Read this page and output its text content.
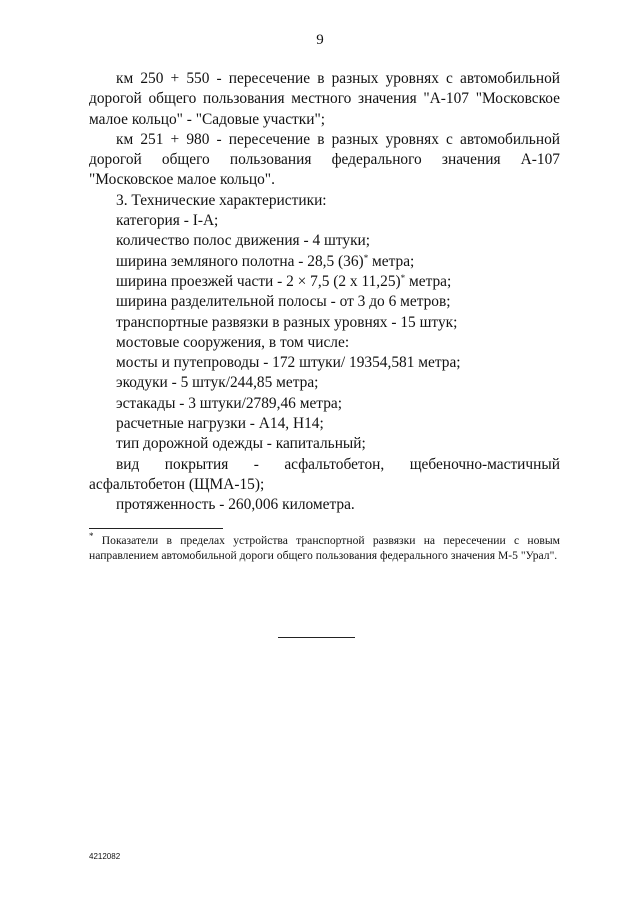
9

км 250 + 550 - пересечение в разных уровнях с автомобильной дорогой общего пользования местного значения "А-107 "Московское малое кольцо" - "Садовые участки";

км 251 + 980 - пересечение в разных уровнях с автомобильной дорогой общего пользования федерального значения А-107 "Московское малое кольцо".

3. Технические характеристики:

категория - I-А;

количество полос движения - 4 штуки;

ширина земляного полотна - 28,5 (36)* метра;

ширина проезжей части - 2 × 7,5 (2 х 11,25)* метра;

ширина разделительной полосы - от 3 до 6 метров;

транспортные развязки в разных уровнях - 15 штук;

мостовые сооружения, в том числе:

мосты и путепроводы - 172 штуки/ 19354,581 метра;

экодуки - 5 штук/244,85 метра;

эстакады - 3 штуки/2789,46 метра;

расчетные нагрузки - А14, Н14;

тип дорожной одежды - капитальный;

вид покрытия - асфальтобетон, щебеночно-мастичный

асфальтобетон (ЩМА-15);

протяженность - 260,006 километра.

* Показатели в пределах устройства транспортной развязки на пересечении с новым направлением автомобильной дороги общего пользования федерального значения М-5 "Урал".

4212082
